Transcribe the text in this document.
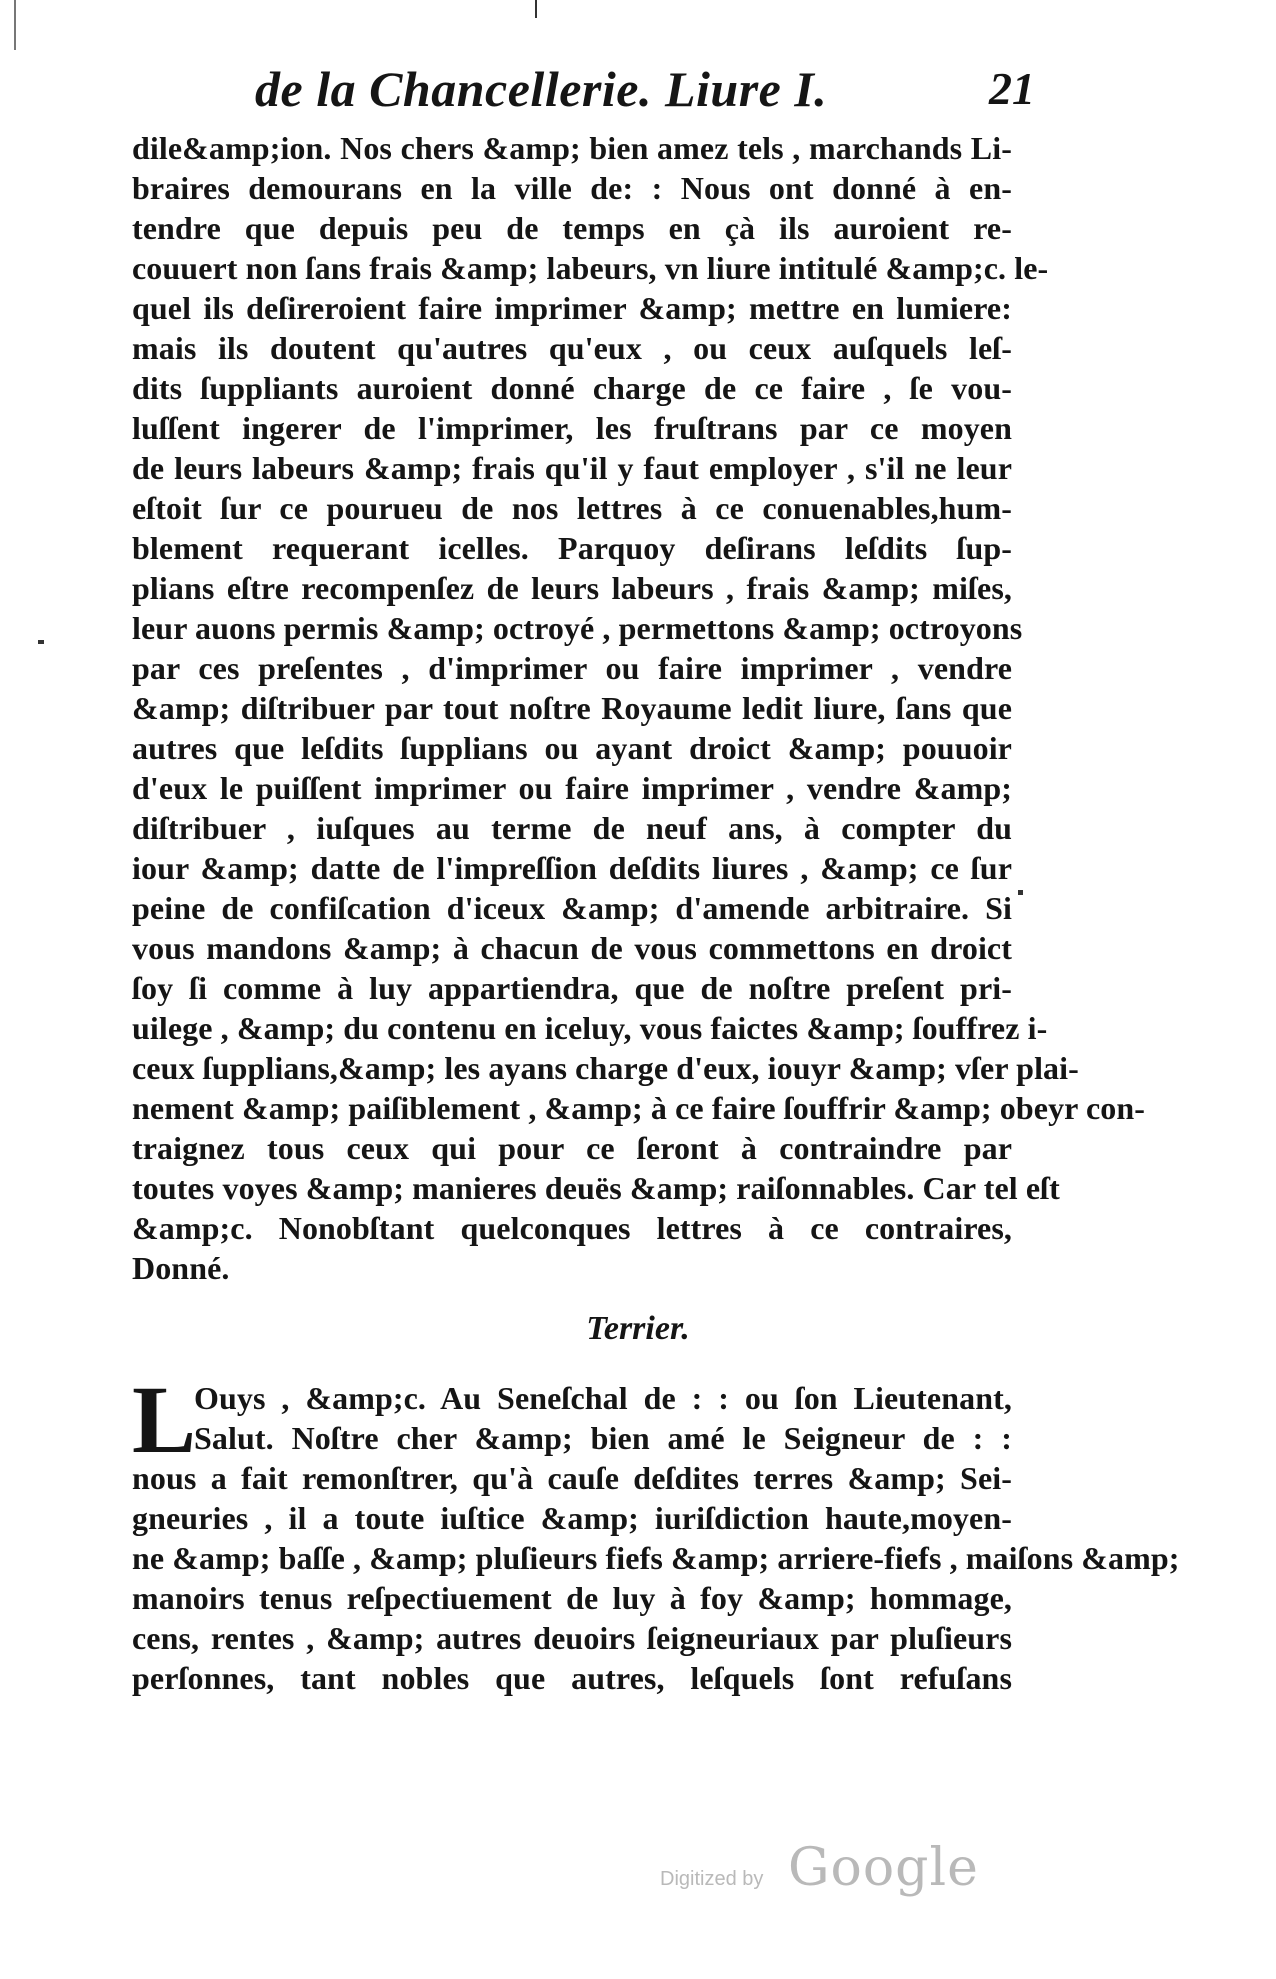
de la Chancellerie. Liure I.	21
dile&amp;ion. Nos chers &amp; bien amez tels , marchands Li-
braires demourans en la ville de: : Nous ont donné à en-
tendre que depuis peu de temps en çà ils auroient re-
couuert non ſans frais &amp; labeurs, vn liure intitulé &amp;c. le-
quel ils deſireroient faire imprimer &amp; mettre en lumiere:
mais ils doutent qu'autres qu'eux , ou ceux auſquels leſ-
dits ſuppliants auroient donné charge de ce faire , ſe vou-
luſſent ingerer de l'imprimer, les fruſtrans par ce moyen
de leurs labeurs &amp; frais qu'il y faut employer , s'il ne leur
eſtoit ſur ce pourueu de nos lettres à ce conuenables,hum-
blement requerant icelles. Parquoy deſirans leſdits ſup-
plians eſtre recompenſez de leurs labeurs , frais &amp; miſes,
leur auons permis &amp; octroyé , permettons &amp; octroyons
par ces preſentes , d'imprimer ou faire imprimer , vendre
&amp; diſtribuer par tout noſtre Royaume ledit liure, ſans que
autres que leſdits ſupplians ou ayant droict &amp; pouuoir
d'eux le puiſſent imprimer ou faire imprimer , vendre &amp;
diſtribuer , iuſques au terme de neuf ans, à compter du
iour &amp; datte de l'impreſſion deſdits liures , &amp; ce ſur
peine de confiſcation d'iceux &amp; d'amende arbitraire. Si
vous mandons &amp; à chacun de vous commettons en droict
ſoy ſi comme à luy appartiendra, que de noſtre preſent pri-
uilege , &amp; du contenu en iceluy, vous faictes &amp; ſouffrez i-
ceux ſupplians,&amp; les ayans charge d'eux, iouyr &amp; vſer plai-
nement &amp; paiſiblement , &amp; à ce faire ſouffrir &amp; obeyr con-
traignez tous ceux qui pour ce ſeront à contraindre par
toutes voyes &amp; manieres deuës &amp; raiſonnables. Car tel eſt
&amp;c. Nonobſtant quelconques lettres à ce contraires,
Donné.
Terrier.
L
Ouys , &amp;c. Au Seneſchal de : : ou ſon Lieutenant,
Salut. Noſtre cher &amp; bien amé le Seigneur de : :
nous a fait remonſtrer, qu'à cauſe deſdites terres &amp; Sei-
gneuries , il a toute iuſtice &amp; iuriſdiction haute,moyen-
ne &amp; baſſe , &amp; pluſieurs fiefs &amp; arriere-fiefs , maiſons &amp;
manoirs tenus reſpectiuement de luy à foy &amp; hommage,
cens, rentes , &amp; autres deuoirs ſeigneuriaux par pluſieurs
perſonnes, tant nobles que autres, leſquels ſont refuſans
Digitized by Google
